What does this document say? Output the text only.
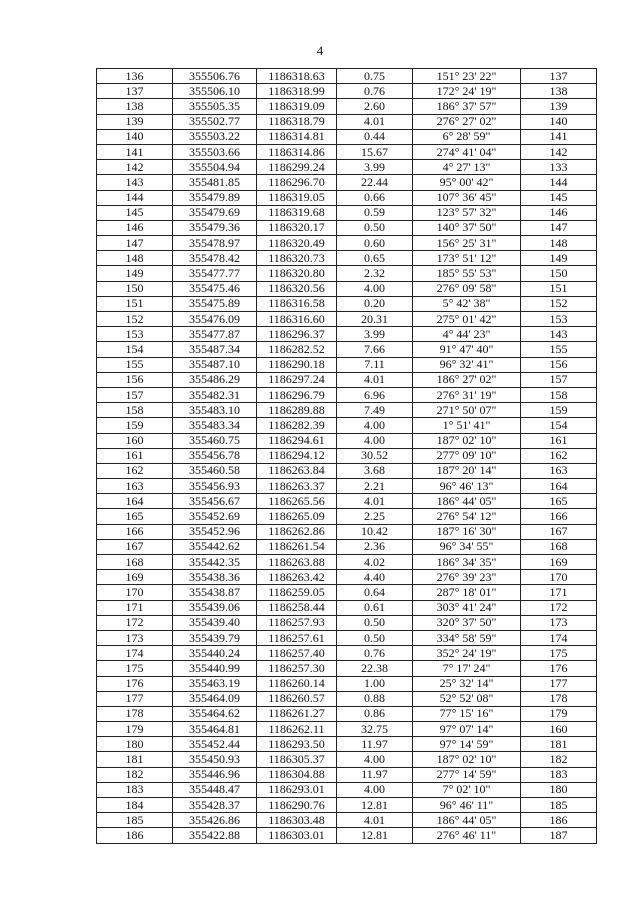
4
136	355506.76	1186318.63	0.75	151° 23' 22"	137
137	355506.10	1186318.99	0.76	172° 24' 19"	138
138	355505.35	1186319.09	2.60	186° 37' 57"	139
139	355502.77	1186318.79	4.01	276° 27' 02"	140
140	355503.22	1186314.81	0.44	6° 28' 59"	141
141	355503.66	1186314.86	15.67	274° 41' 04"	142
142	355504.94	1186299.24	3.99	4° 27' 13"	133
143	355481.85	1186296.70	22.44	95° 00' 42"	144
144	355479.89	1186319.05	0.66	107° 36' 45"	145
145	355479.69	1186319.68	0.59	123° 57' 32"	146
146	355479.36	1186320.17	0.50	140° 37' 50"	147
147	355478.97	1186320.49	0.60	156° 25' 31"	148
148	355478.42	1186320.73	0.65	173° 51' 12"	149
149	355477.77	1186320.80	2.32	185° 55' 53"	150
150	355475.46	1186320.56	4.00	276° 09' 58"	151
151	355475.89	1186316.58	0.20	5° 42' 38"	152
152	355476.09	1186316.60	20.31	275° 01' 42"	153
153	355477.87	1186296.37	3.99	4° 44' 23"	143
154	355487.34	1186282.52	7.66	91° 47' 40"	155
155	355487.10	1186290.18	7.11	96° 32' 41"	156
156	355486.29	1186297.24	4.01	186° 27' 02"	157
157	355482.31	1186296.79	6.96	276° 31' 19"	158
158	355483.10	1186289.88	7.49	271° 50' 07"	159
159	355483.34	1186282.39	4.00	1° 51' 41"	154
160	355460.75	1186294.61	4.00	187° 02' 10"	161
161	355456.78	1186294.12	30.52	277° 09' 10"	162
162	355460.58	1186263.84	3.68	187° 20' 14"	163
163	355456.93	1186263.37	2.21	96° 46' 13"	164
164	355456.67	1186265.56	4.01	186° 44' 05"	165
165	355452.69	1186265.09	2.25	276° 54' 12"	166
166	355452.96	1186262.86	10.42	187° 16' 30"	167
167	355442.62	1186261.54	2.36	96° 34' 55"	168
168	355442.35	1186263.88	4.02	186° 34' 35"	169
169	355438.36	1186263.42	4.40	276° 39' 23"	170
170	355438.87	1186259.05	0.64	287° 18' 01"	171
171	355439.06	1186258.44	0.61	303° 41' 24"	172
172	355439.40	1186257.93	0.50	320° 37' 50"	173
173	355439.79	1186257.61	0.50	334° 58' 59"	174
174	355440.24	1186257.40	0.76	352° 24' 19"	175
175	355440.99	1186257.30	22.38	7° 17' 24"	176
176	355463.19	1186260.14	1.00	25° 32' 14"	177
177	355464.09	1186260.57	0.88	52° 52' 08"	178
178	355464.62	1186261.27	0.86	77° 15' 16"	179
179	355464.81	1186262.11	32.75	97° 07' 14"	160
180	355452.44	1186293.50	11.97	97° 14' 59"	181
181	355450.93	1186305.37	4.00	187° 02' 10"	182
182	355446.96	1186304.88	11.97	277° 14' 59"	183
183	355448.47	1186293.01	4.00	7° 02' 10"	180
184	355428.37	1186290.76	12.81	96° 46' 11"	185
185	355426.86	1186303.48	4.01	186° 44' 05"	186
186	355422.88	1186303.01	12.81	276° 46' 11"	187
